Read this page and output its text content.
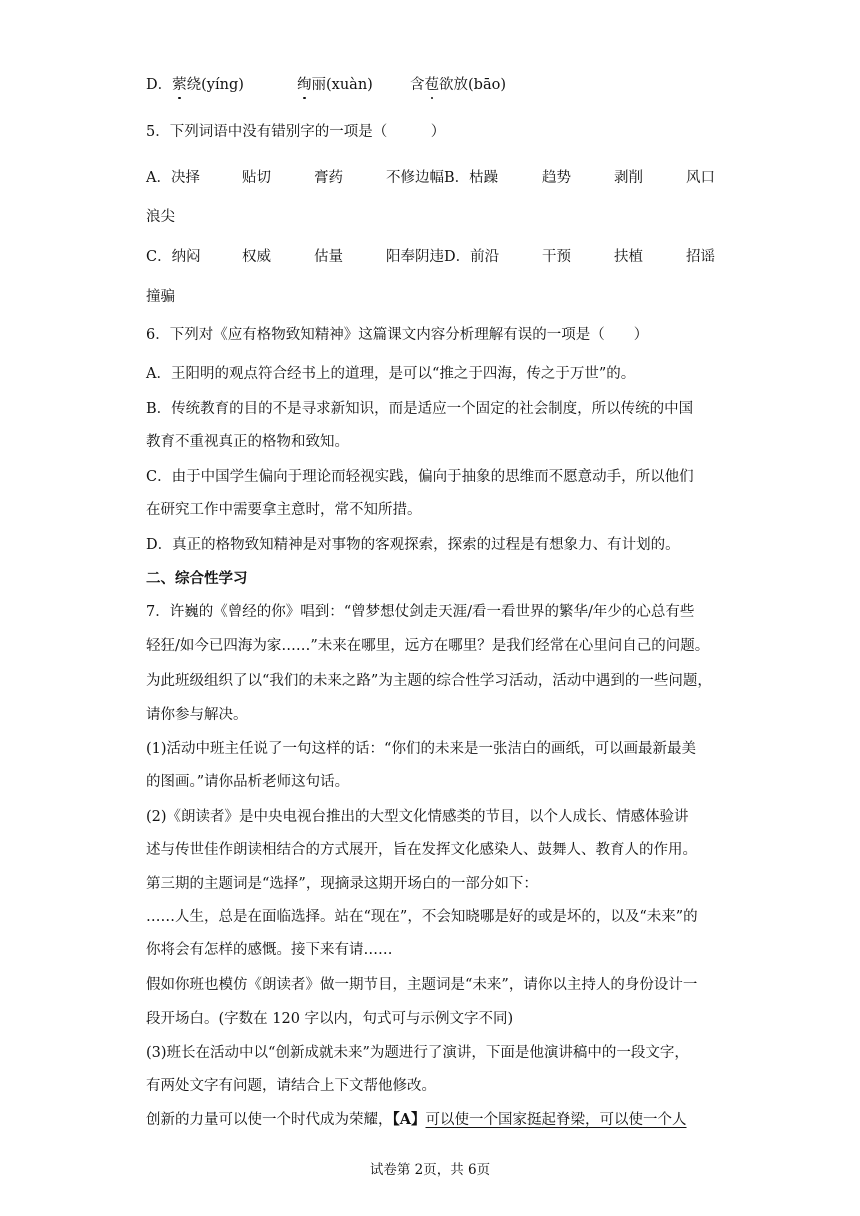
D．萦绕(yíng)	绚丽(xuàn)	含苞欲放(bāo)
5．下列词语中没有错别字的一项是（　　　）
A．决择	贴切	膏药	不修边幅B．枯躁	趋势	剥削	风口
浪尖
C．纳闷	权威	估量	阳奉阴违D．前沿	干预	扶植	招谣
撞骗
6．下列对《应有格物致知精神》这篇课文内容分析理解有误的一项是（　　）
A．王阳明的观点符合经书上的道理，是可以“推之于四海，传之于万世”的。
B．传统教育的目的不是寻求新知识，而是适应一个固定的社会制度，所以传统的中国
教育不重视真正的格物和致知。
C．由于中国学生偏向于理论而轻视实践，偏向于抽象的思维而不愿意动手，所以他们
在研究工作中需要拿主意时，常不知所措。
D．真正的格物致知精神是对事物的客观探索，探索的过程是有想象力、有计划的。
二、综合性学习
7．许巍的《曾经的你》唱到：“曾梦想仗剑走天涯/看一看世界的繁华/年少的心总有些
轻狂/如今已四海为家……”未来在哪里，远方在哪里？是我们经常在心里问自己的问题。
为此班级组织了以“我们的未来之路”为主题的综合性学习活动，活动中遇到的一些问题，
请你参与解决。
(1)活动中班主任说了一句这样的话：“你们的未来是一张洁白的画纸，可以画最新最美
的图画。”请你品析老师这句话。
(2)《朗读者》是中央电视台推出的大型文化情感类的节目，以个人成长、情感体验讲
述与传世佳作朗读相结合的方式展开，旨在发挥文化感染人、鼓舞人、教育人的作用。
第三期的主题词是“选择”，现摘录这期开场白的一部分如下：
……人生，总是在面临选择。站在“现在”，不会知晓哪是好的或是坏的，以及“未来”的
你将会有怎样的感慨。接下来有请……
假如你班也模仿《朗读者》做一期节目，主题词是“未来”，请你以主持人的身份设计一
段开场白。(字数在 120 字以内，句式可与示例文字不同)
(3)班长在活动中以“创新成就未来”为题进行了演讲，下面是他演讲稿中的一段文字，
有两处文字有问题，请结合上下文帮他修改。
创新的力量可以使一个时代成为荣耀，【A】可以使一个国家挺起脊梁，可以使一个人
试卷第 2页，共 6页
